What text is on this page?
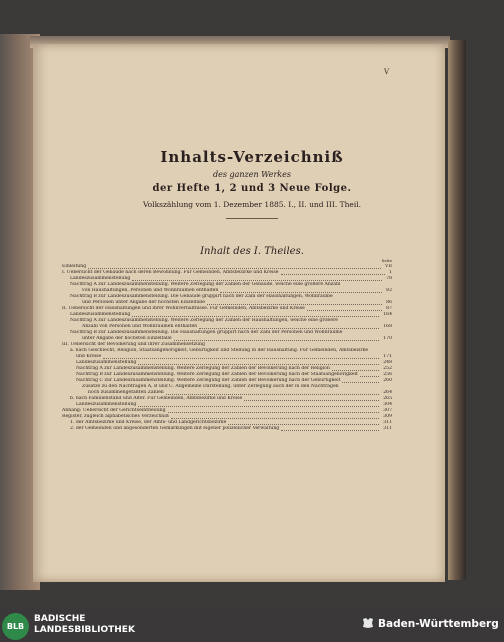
V
Inhalts-Verzeichniß
des ganzen Werkes
der Hefte 1, 2 und 3 Neue Folge.
Volkszählung vom 1. Dezember 1885. I., II. und III. Theil.
Inhalt des I. Theiles.
Seite
Einleitung	VII
I. Uebersicht der Gebäude nach deren Bewohnung. Für Gemeinden, Amtsbezirke und Kreise	1
Landeszusammenstellung	78
Nachtrag A zur Landeszusammenstellung. Weitere Zerlegung der Zahlen der Gebäude, welche eine größere Anzahl
von Haushaltungen, Personen und Wohnräumen enthalten	82
Nachtrag B zur Landeszusammenstellung. Die Gebäude gruppirt nach der Zahl der Haushaltungen, Wohnräume
und Personen unter Angabe der höchsten Einzelfälle	86
II. Uebersicht der Haushaltungen und ihrer Wohnverhältnisse. Für Gemeinden, Amtsbezirke und Kreise	87
Landeszusammenstellung	164
Nachtrag A zur Landeszusammenstellung. Weitere Zerlegung der Zahlen der Haushaltungen, welche eine größere
Anzahl von Personen und Wohnräumen enthalten	168
Nachtrag B zur Landeszusammenstellung. Die Haushaltungen gruppirt nach der Zahl der Personen und Wohnräume
unter Angabe der höchsten Einzelfälle	170
III. Uebersicht der Bevölkerung und ihrer Zusammensetzung
a. nach Geschlecht, Religion, Staatsangehörigkeit, Gebürtigkeit und Stellung in der Haushaltung. Für Gemeinden, Amtsbezirke
und Kreise	171
Landeszusammenstellung	248
Nachtrag A zur Landeszusammenstellung. Weitere Zerlegung der Zahlen der Bevölkerung nach der Religion	252
Nachtrag B zur Landeszusammenstellung. Weitere Zerlegung der Zahlen der Bevölkerung nach der Staatsangehörigkeit	256
Nachtrag C zur Landeszusammenstellung. Weitere Zerlegung der Zahlen der Bevölkerung nach der Gebürtigkeit	260
Zusätze zu den Nachträgen A, B und C. Allgemeine Darstellung, unter Zerlegung auch der in den Nachträgen
noch zusammengefaßten Zahlen	264
b. nach Familienstand und Alter. Für Gemeinden, Amtsbezirke und Kreise	265
Landeszusammenstellung	304
Anhang: Uebersicht der Gerichtseintheilung	307
Register, zugleich alphabetisches Verzeichniß	309
1. der Amtsbezirke und Kreise, der Amts- und Landgerichtsbezirke	311
2. der Gemeinden und abgesonderten Gemarkungen mit eigener polizeilicher Verwaltung	311
BLB
BADISCHE
LANDESBIBLIOTHEK	Baden-Württemberg
